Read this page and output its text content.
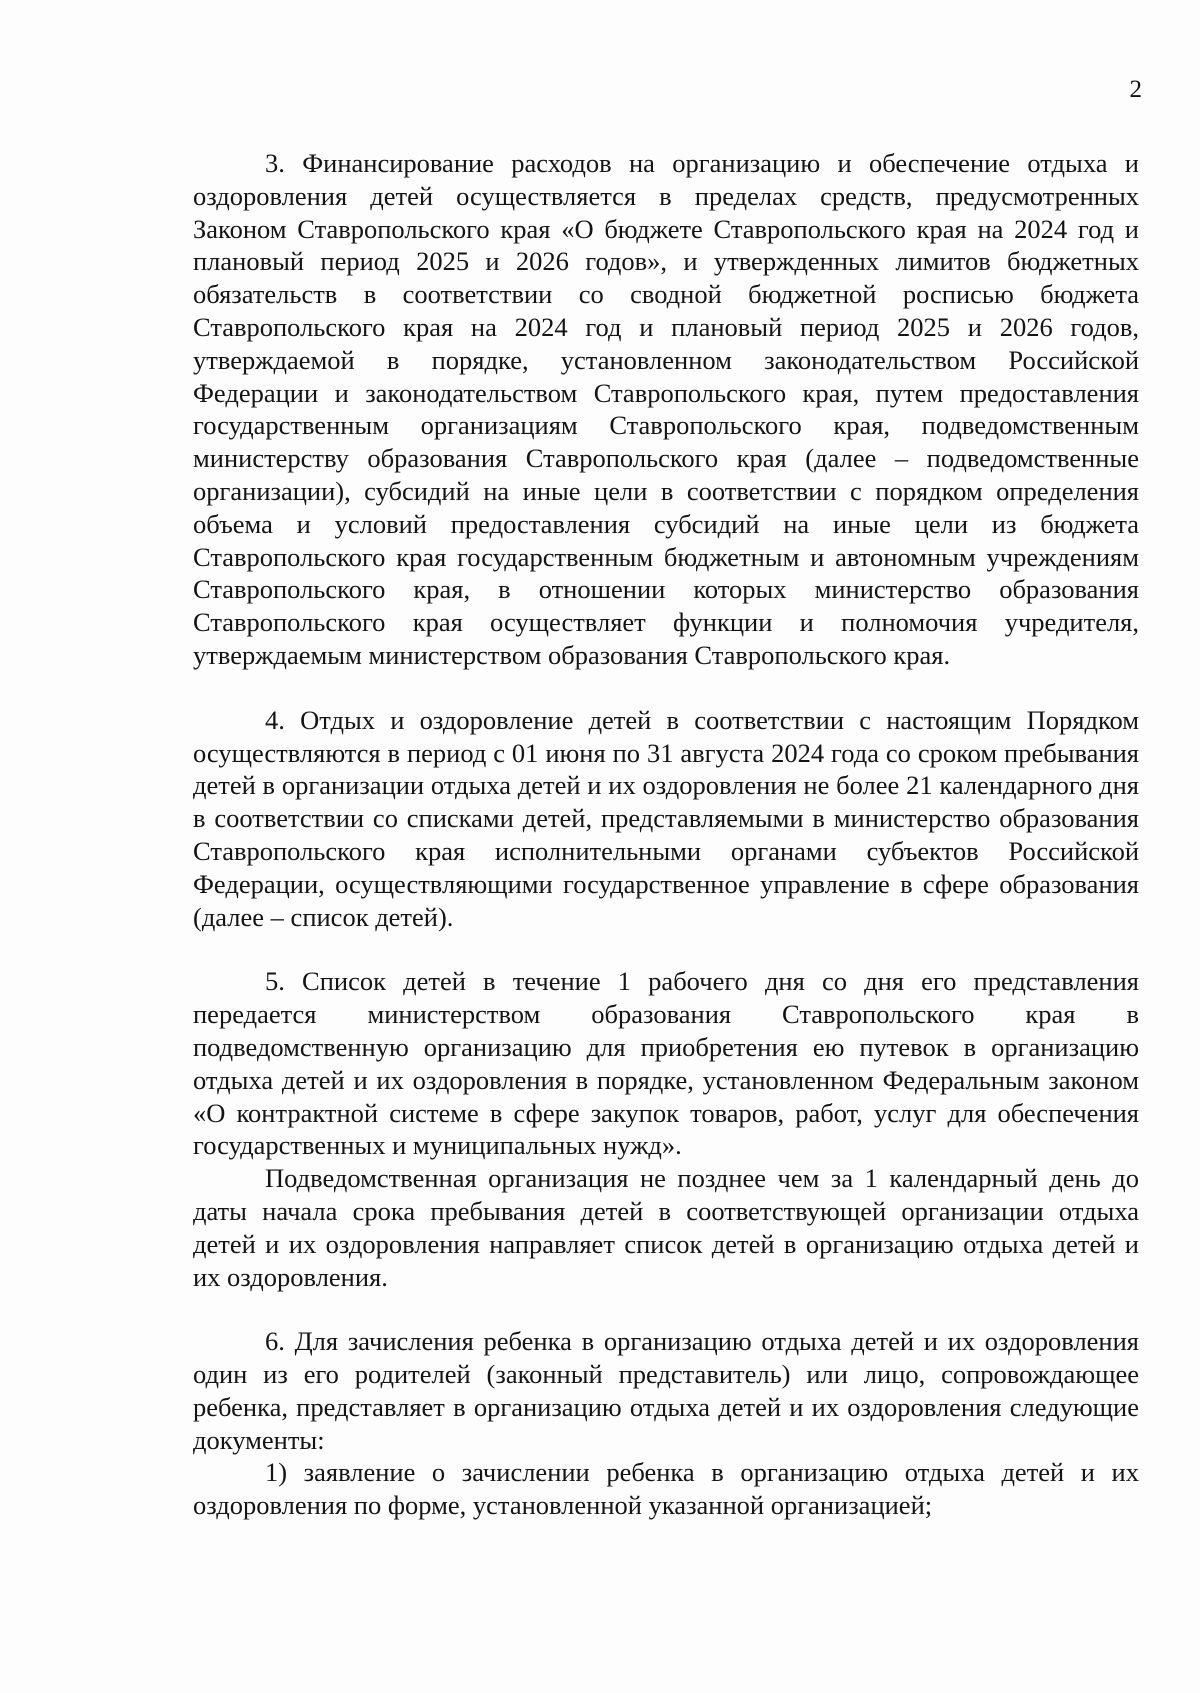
2

3. Финансирование расходов на организацию и обеспечение отдыха и оздоровления детей осуществляется в пределах средств, предусмотренных Законом Ставропольского края «О бюджете Ставропольского края на 2024 год и плановый период 2025 и 2026 годов», и утвержденных лимитов бюджетных обязательств в соответствии со сводной бюджетной росписью бюджета Ставропольского края на 2024 год и плановый период 2025 и 2026 годов, утверждаемой в порядке, установленном законодательством Российской Федерации и законодательством Ставропольского края, путем предоставления государственным организациям Ставропольского края, подведомственным министерству образования Ставропольского края (далее – подведомственные организации), субсидий на иные цели в соответствии с порядком определения объема и условий предоставления субсидий на иные цели из бюджета Ставропольского края государственным бюджетным и автономным учреждениям Ставропольского края, в отношении которых министерство образования Ставропольского края осуществляет функции и полномочия учредителя, утверждаемым министерством образования Ставропольского края.

4. Отдых и оздоровление детей в соответствии с настоящим Порядком осуществляются в период с 01 июня по 31 августа 2024 года со сроком пребывания детей в организации отдыха детей и их оздоровления не более 21 календарного дня в соответствии со списками детей, представляемыми в министерство образования Ставропольского края исполнительными органами субъектов Российской Федерации, осуществляющими государственное управление в сфере образования (далее – список детей).

5. Список детей в течение 1 рабочего дня со дня его представления передается министерством образования Ставропольского края в подведомственную организацию для приобретения ею путевок в организацию отдыха детей и их оздоровления в порядке, установленном Федеральным законом «О контрактной системе в сфере закупок товаров, работ, услуг для обеспечения государственных и муниципальных нужд».

Подведомственная организация не позднее чем за 1 календарный день до даты начала срока пребывания детей в соответствующей организации отдыха детей и их оздоровления направляет список детей в организацию отдыха детей и их оздоровления.

6. Для зачисления ребенка в организацию отдыха детей и их оздоровления один из его родителей (законный представитель) или лицо, сопровождающее ребенка, представляет в организацию отдыха детей и их оздоровления следующие документы:

1) заявление о зачислении ребенка в организацию отдыха детей и их оздоровления по форме, установленной указанной организацией;
